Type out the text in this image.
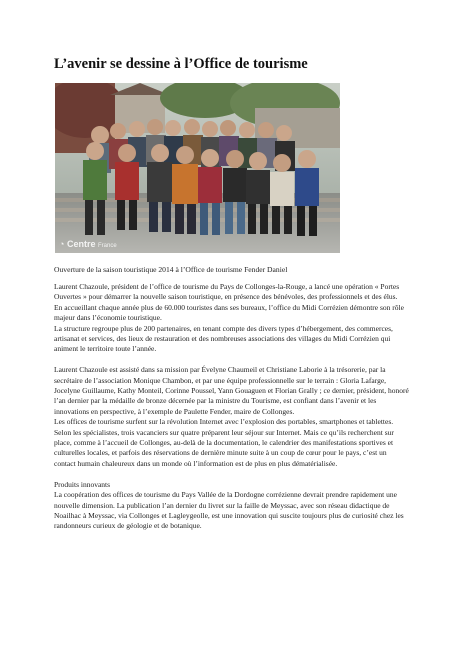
L’avenir se dessine à l’Office de tourisme
◔ Centre France
Ouverture de la saison touristique 2014 à l’Office de tourisme Fender Daniel

Laurent Chazoule, président de l’office de tourisme du Pays de Collonges-la-Rouge, a lancé une opération « Portes Ouvertes » pour démarrer la nouvelle saison touristique, en présence des bénévoles, des professionnels et des élus.

En accueillant chaque année plus de 60.000 touristes dans ses bureaux, l’office du Midi Corrézien démontre son rôle majeur dans l’économie touristique.

La structure regroupe plus de 200 partenaires, en tenant compte des divers types d’hébergement, des commerces, artisanat et services, des lieux de restauration et des nombreuses associations des villages du Midi Corrézien qui animent le territoire toute l’année.

Laurent Chazoule est assisté dans sa mission par Évelyne Chaumeil et Christiane Laborie à la trésorerie, par la secrétaire de l’association Monique Chambon, et par une équipe professionnelle sur le terrain : Gloria Lafarge, Jocelyne Guillaume, Kathy Monteil, Corinne Poussel, Yann Gouaguen et Florian Grally ; ce dernier, président, honoré l’an dernier par la médaille de bronze décernée par la ministre du Tourisme, est confiant dans l’avenir et les innovations en perspective, à l’exemple de Paulette Fender, maire de Collonges.

Les offices de tourisme surfent sur la révolution Internet avec l’explosion des portables, smartphones et tablettes. Selon les spécialistes, trois vacanciers sur quatre préparent leur séjour sur Internet. Mais ce qu’ils recherchent sur place, comme à l’accueil de Collonges, au-delà de la documentation, le calendrier des manifestations sportives et culturelles locales, et parfois des réservations de dernière minute suite à un coup de cœur pour le pays, c’est un contact humain chaleureux dans un monde où l’information est de plus en plus dématérialisée.

Produits innovants

La coopération des offices de tourisme du Pays Vallée de la Dordogne corrézienne devrait prendre rapidement une nouvelle dimension. La publication l’an dernier du livret sur la faille de Meyssac, avec son réseau didactique de Noailhac à Meyssac, via Collonges et Lagleygeolle, est une innovation qui suscite toujours plus de curiosité chez les randonneurs curieux de géologie et de botanique.
